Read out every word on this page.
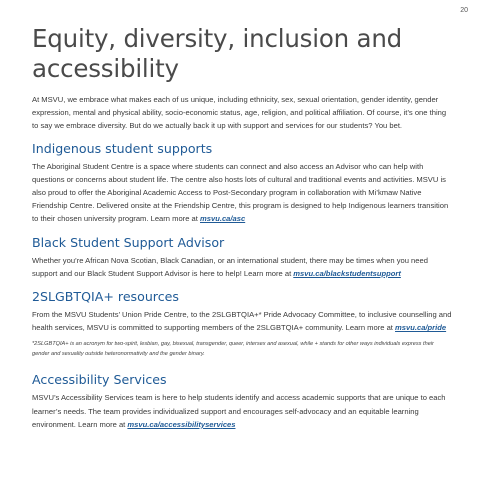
20
Equity, diversity, inclusion and accessibility

At MSVU, we embrace what makes each of us unique, including ethnicity, sex, sexual orientation, gender identity, gender expression, mental and physical ability, socio-economic status, age, religion, and political affiliation. Of course, it’s one thing to say we embrace diversity. But do we actually back it up with support and services for our students? You bet.

Indigenous student supports

The Aboriginal Student Centre is a space where students can connect and also access an Advisor who can help with questions or concerns about student life. The centre also hosts lots of cultural and traditional events and activities. MSVU is also proud to offer the Aboriginal Academic Access to Post-Secondary program in collaboration with Mi’kmaw Native Friendship Centre. Delivered onsite at the Friendship Centre, this program is designed to help Indigenous learners transition to their chosen university program. Learn more at msvu.ca/asc

Black Student Support Advisor

Whether you’re African Nova Scotian, Black Canadian, or an international student, there may be times when you need support and our Black Student Support Advisor is here to help! Learn more at msvu.ca/blackstudentsupport

2SLGBTQIA+ resources

From the MSVU Students’ Union Pride Centre, to the 2SLGBTQIA+* Pride Advocacy Committee, to inclusive counselling and health services, MSVU is committed to supporting members of the 2SLGBTQIA+ community. Learn more at msvu.ca/pride

*2SLGBTQIA+ is an acronym for two-spirit, lesbian, gay, bisexual, transgender, queer, intersex and asexual, while + stands for other ways individuals express their gender and sexuality outside heteronormativity and the gender binary.

Accessibility Services

MSVU’s Accessibility Services team is here to help students identify and access academic supports that are unique to each learner’s needs. The team provides individualized support and encourages self-advocacy and an equitable learning environment. Learn more at msvu.ca/accessibilityservices
